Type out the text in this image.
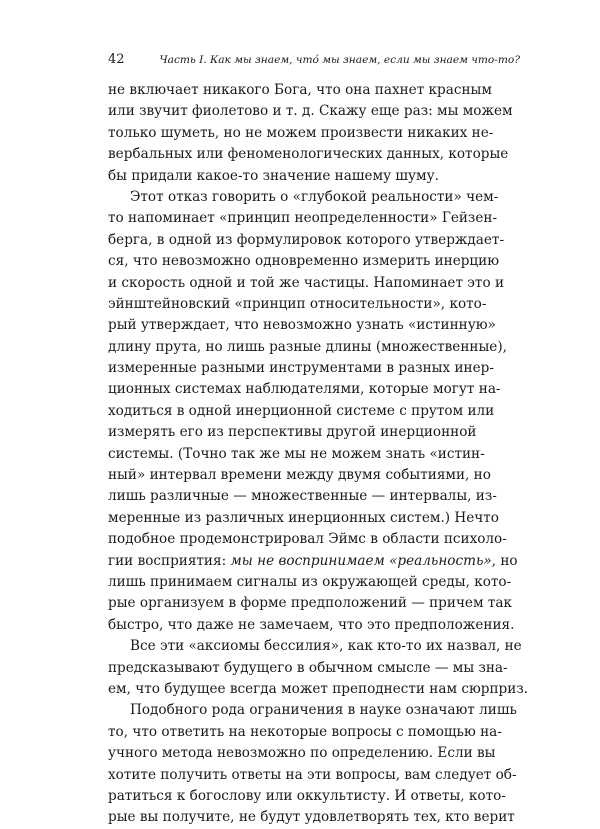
42	Часть I. Как мы знаем, что́ мы знаем, если мы знаем что-то?
не включает никакого Бога, что она пахнет красным
или звучит фиолетово и т. д. Скажу еще раз: мы можем
только шуметь, но не можем произвести никаких не-
вербальных или феноменологических данных, которые
бы придали какое-то значение нашему шуму.
Этот отказ говорить о «глубокой реальности» чем-
то напоминает «принцип неопределенности» Гейзен-
берга, в одной из формулировок которого утверждает-
ся, что невозможно одновременно измерить инерцию
и скорость одной и той же частицы. Напоминает это и
эйнштейновский «принцип относительности», кото-
рый утверждает, что невозможно узнать «истинную»
длину прута, но лишь разные длины (множественные),
измеренные разными инструментами в разных инер-
ционных системах наблюдателями, которые могут на-
ходиться в одной инерционной системе с прутом или
измерять его из перспективы другой инерционной
системы. (Точно так же мы не можем знать «истин-
ный» интервал времени между двумя событиями, но
лишь различные — множественные — интервалы, из-
меренные из различных инерционных систем.) Нечто
подобное продемонстрировал Эймс в области психоло-
гии восприятия: мы не воспринимаем «реальность», но
лишь принимаем сигналы из окружающей среды, кото-
рые организуем в форме предположений — причем так
быстро, что даже не замечаем, что это предположения.
Все эти «аксиомы бессилия», как кто-то их назвал, не
предсказывают будущего в обычном смысле — мы зна-
ем, что будущее всегда может преподнести нам сюрприз.
Подобного рода ограничения в науке означают лишь
то, что ответить на некоторые вопросы с помощью на-
учного метода невозможно по определению. Если вы
хотите получить ответы на эти вопросы, вам следует об-
ратиться к богослову или оккультисту. И ответы, кото-
рые вы получите, не будут удовлетворять тех, кто верит
